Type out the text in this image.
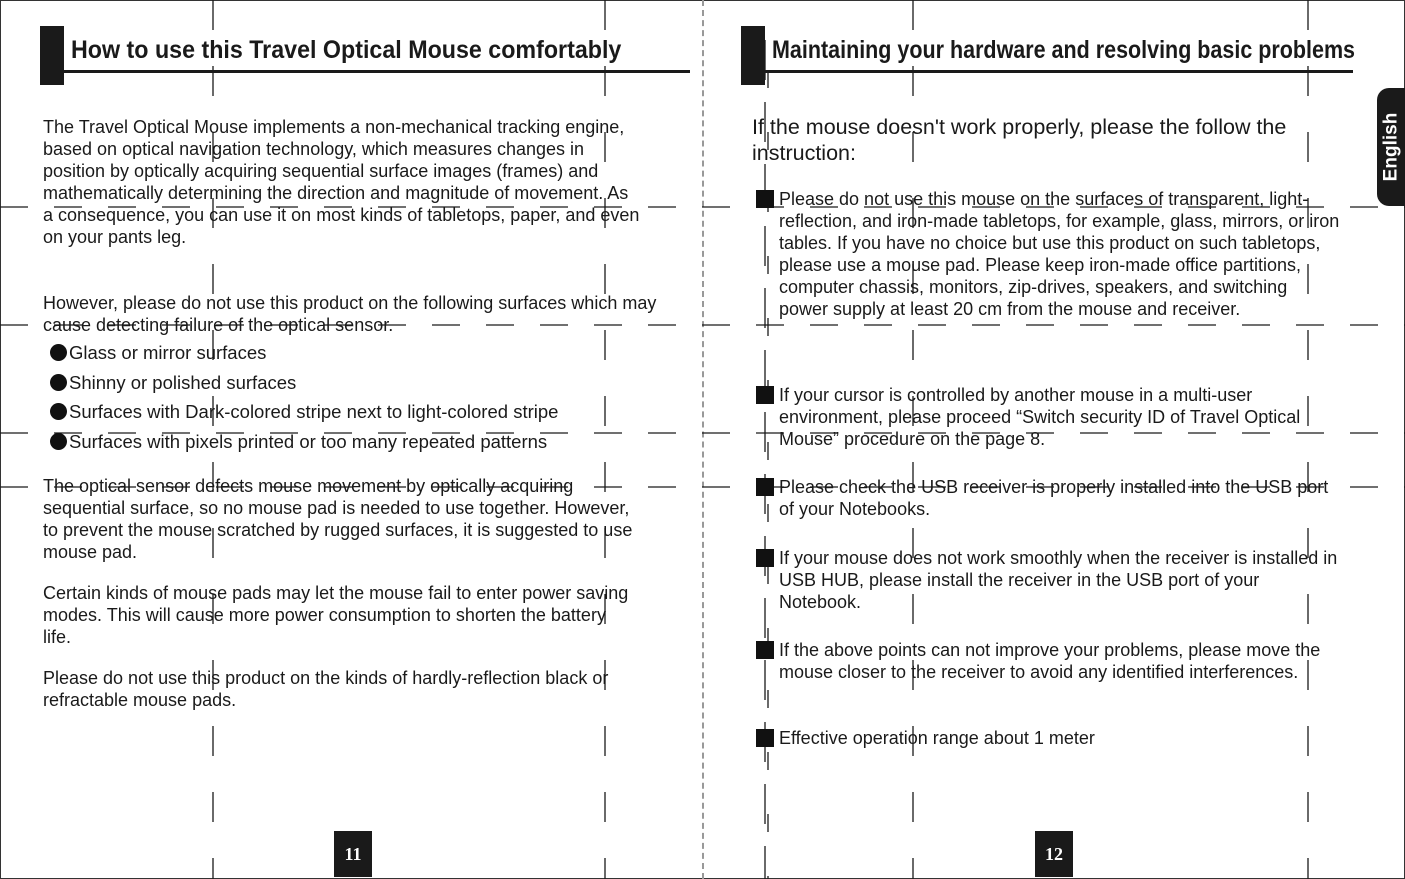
How to use this Travel Optical Mouse comfortably
The Travel Optical Mouse implements a non-mechanical tracking engine, based on optical navigation technology, which measures changes in position by optically acquiring sequential surface images (frames) and mathematically determining the direction and magnitude of movement. As a consequence, you can use it on most kinds of tabletops, paper, and even on your pants leg.
However, please do not use this product on the following surfaces which may cause detecting failure of the optical sensor.
Glass or mirror surfaces
Shinny or polished surfaces
Surfaces with Dark-colored stripe next to light-colored stripe
Surfaces with pixels printed or too many repeated patterns
The optical sensor defects mouse movement by optically acquiring sequential surface, so no mouse pad is needed to use together. However, to prevent the mouse scratched by rugged surfaces, it is suggested to use mouse pad.
Certain kinds of mouse pads may let the mouse fail to enter power saving modes. This will cause more power consumption to shorten the battery life.
Please do not use this product on the kinds of hardly-reflection black or refractable mouse pads.
11
Maintaining your hardware and resolving basic problems
If the mouse doesn't work properly, please the follow the instruction:
Please do not use this mouse on the surfaces of transparent, light-reflection, and iron-made tabletops, for example, glass, mirrors, or iron tables. If you have no choice but use this product on such tabletops, please use a mouse pad. Please keep iron-made office partitions, computer chassis, monitors, zip-drives, speakers, and switching power supply at least 20 cm from the mouse and receiver.
If your cursor is controlled by another mouse in a multi-user environment, please proceed “Switch security ID of Travel Optical Mouse” procedure on the page 8.
Please check the USB receiver is properly installed into the USB port of your Notebooks.
If your mouse does not work smoothly when the receiver is installed in USB HUB, please install the receiver in the USB port of your Notebook.
If the above points can not improve your problems, please move the mouse closer to the receiver to avoid any identified interferences.
Effective operation range about 1 meter
12
English
